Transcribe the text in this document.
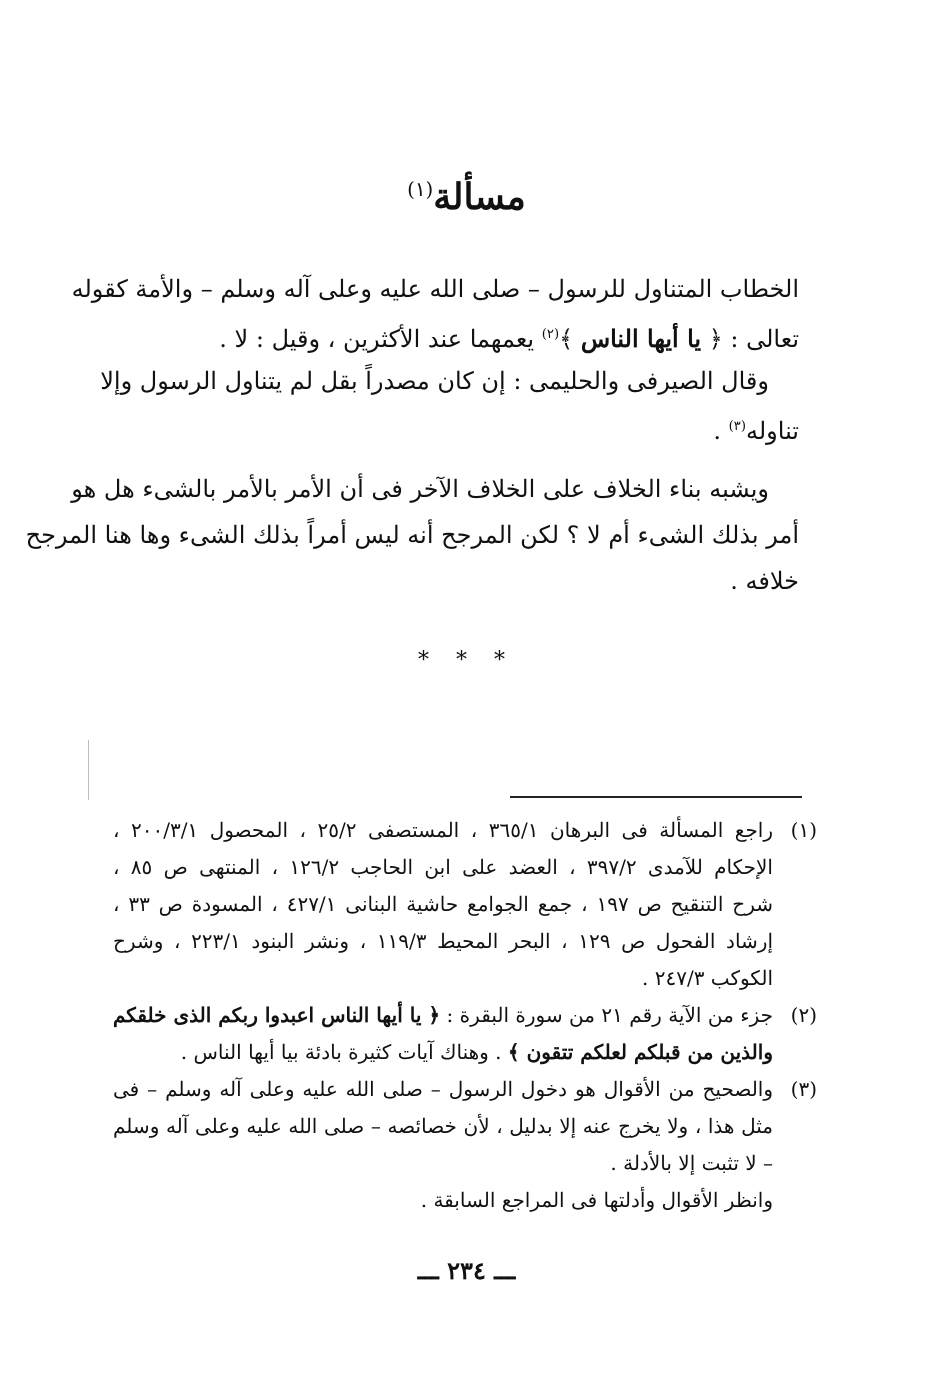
مسألة$^{(١)}$
الخطاب المتناول للرسول – صلى الله عليه وعلى آله وسلم – والأمة كقوله
تعالى : ﴿ يا أيها الناس ﴾$^{(٢)}$ يعمهما عند الأكثرين ، وقيل : لا .
وقال الصيرفى والحليمى : إن كان مصدراً بقل لم يتناول الرسول وإلا
تناوله$^{(٣)}$ .
ويشبه بناء الخلاف على الخلاف الآخر فى أن الأمر بالأمر بالشىء هل هو
أمر بذلك الشىء أم لا ؟ لكن المرجح أنه ليس أمراً بذلك الشىء وها هنا المرجح
خلافه .
* * *
(١)
راجع المسألة فى البرهان ٣٦٥/١ ، المستصفى ٢٥/٢ ، المحصول ٢٠٠/٣/١ ،
الإحكام للآمدى ٣٩٧/٢ ، العضد على ابن الحاجب ١٢٦/٢ ، المنتهى ص ٨٥ ،
شرح التنقيح ص ١٩٧ ، جمع الجوامع حاشية البنانى ٤٢٧/١ ، المسودة ص ٣٣ ،
إرشاد الفحول ص ١٢٩ ، البحر المحيط ١١٩/٣ ، ونشر البنود ٢٢٣/١ ، وشرح
الكوكب ٢٤٧/٣ .
(٢)
جزء من الآية رقم ٢١ من سورة البقرة : ﴿ يا أيها الناس اعبدوا ربكم الذى خلقكم
والذين من قبلكم لعلكم تتقون ﴾ . وهناك آيات كثيرة بادئة بيا أيها الناس .
(٣)
والصحيح من الأقوال هو دخول الرسول – صلى الله عليه وعلى آله وسلم – فى
مثل هذا ، ولا يخرج عنه إلا بدليل ، لأن خصائصه – صلى الله عليه وعلى آله وسلم
– لا تثبت إلا بالأدلة .
وانظر الأقوال وأدلتها فى المراجع السابقة .
ـــ ٢٣٤ ـــ
